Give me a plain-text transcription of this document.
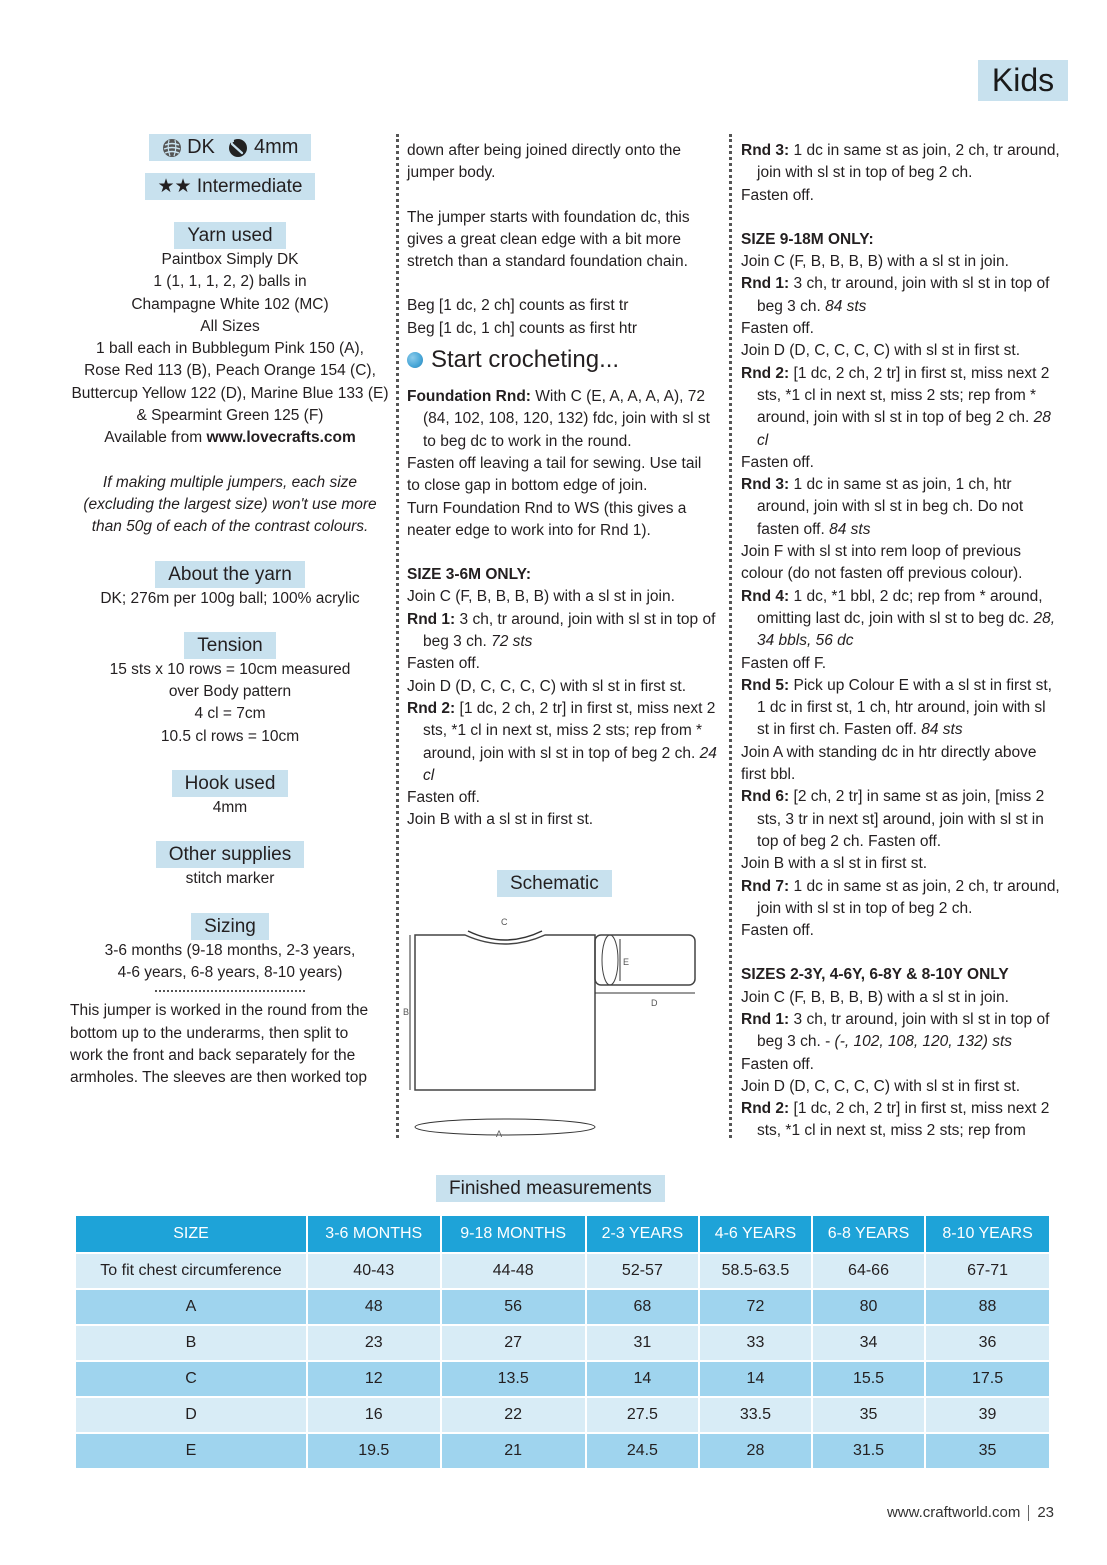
Kids
DK 4mm
★★ Intermediate
Yarn used

Paintbox Simply DK

1 (1, 1, 1, 2, 2) balls in

Champagne White 102 (MC)

All Sizes

1 ball each in Bubblegum Pink 150 (A),

Rose Red 113 (B), Peach Orange 154 (C),

Buttercup Yellow 122 (D), Marine Blue 133 (E)

& Spearmint Green 125 (F)

Available from www.lovecrafts.com

If making multiple jumpers, each size

(excluding the largest size) won't use more

than 50g of each of the contrast colours.

About the yarn

DK; 276m per 100g ball; 100% acrylic

Tension

15 sts x 10 rows = 10cm measured

over Body pattern

4 cl = 7cm

10.5 cl rows = 10cm

Hook used

4mm

Other supplies

stitch marker

Sizing

3-6 months (9-18 months, 2-3 years,

4-6 years, 6-8 years, 8-10 years)

This jumper is worked in the round from the

bottom up to the underarms, then split to

work the front and back separately for the

armholes. The sleeves are then worked top

down after being joined directly onto the

jumper body.

The jumper starts with foundation dc, this

gives a great clean edge with a bit more

stretch than a standard foundation chain.

Beg [1 dc, 2 ch] counts as first tr

Beg [1 dc, 1 ch] counts as first htr

Start crocheting...

Foundation Rnd: With C (E, A, A, A, A), 72 (84, 102, 108, 120, 132) fdc, join with sl st to beg dc to work in the round.

Fasten off leaving a tail for sewing. Use tail

to close gap in bottom edge of join.

Turn Foundation Rnd to WS (this gives a

neater edge to work into for Rnd 1).

SIZE 3-6M ONLY:

Join C (F, B, B, B, B) with a sl st in join.

Rnd 1: 3 ch, tr around, join with sl st in top of beg 3 ch. 72 sts

Fasten off.

Join D (D, C, C, C, C) with sl st in first st.

Rnd 2: [1 dc, 2 ch, 2 tr] in first st, miss next 2 sts, *1 cl in next st, miss 2 sts; rep from * around, join with sl st in top of beg 2 ch. 24 cl

Fasten off.

Join B with a sl st in first st.

Schematic
C
B
E
D
A

Rnd 3: 1 dc in same st as join, 2 ch, tr around, join with sl st in top of beg 2 ch.

Fasten off.

SIZE 9-18M ONLY:

Join C (F, B, B, B, B) with a sl st in join.

Rnd 1: 3 ch, tr around, join with sl st in top of beg 3 ch. 84 sts

Fasten off.

Join D (D, C, C, C, C) with sl st in first st.

Rnd 2: [1 dc, 2 ch, 2 tr] in first st, miss next 2 sts, *1 cl in next st, miss 2 sts; rep from * around, join with sl st in top of beg 2 ch. 28 cl

Fasten off.

Rnd 3: 1 dc in same st as join, 1 ch, htr around, join with sl st in beg ch. Do not fasten off. 84 sts

Join F with sl st into rem loop of previous

colour (do not fasten off previous colour).

Rnd 4: 1 dc, *1 bbl, 2 dc; rep from * around, omitting last dc, join with sl st to beg dc. 28, 34 bbls, 56 dc

Fasten off F.

Rnd 5: Pick up Colour E with a sl st in first st, 1 dc in first st, 1 ch, htr around, join with sl st in first ch. Fasten off. 84 sts

Join A with standing dc in htr directly above

first bbl.

Rnd 6: [2 ch, 2 tr] in same st as join, [miss 2 sts, 3 tr in next st] around, join with sl st in top of beg 2 ch. Fasten off.

Join B with a sl st in first st.

Rnd 7: 1 dc in same st as join, 2 ch, tr around, join with sl st in top of beg 2 ch.

Fasten off.

SIZES 2-3Y, 4-6Y, 6-8Y & 8-10Y ONLY

Join C (F, B, B, B, B) with a sl st in join.

Rnd 1: 3 ch, tr around, join with sl st in top of beg 3 ch. - (-, 102, 108, 120, 132) sts

Fasten off.

Join D (D, C, C, C, C) with sl st in first st.

Rnd 2: [1 dc, 2 ch, 2 tr] in first st, miss next 2 sts, *1 cl in next st, miss 2 sts; rep from

Finished measurements
SIZE	3-6 MONTHS	9-18 MONTHS	2-3 YEARS	4-6 YEARS	6-8 YEARS	8-10 YEARS
To fit chest circumference	40-43	44-48	52-57	58.5-63.5	64-66	67-71
A	48	56	68	72	80	88
B	23	27	31	33	34	36
C	12	13.5	14	14	15.5	17.5
D	16	22	27.5	33.5	35	39
E	19.5	21	24.5	28	31.5	35
www.craftworld.com 23
